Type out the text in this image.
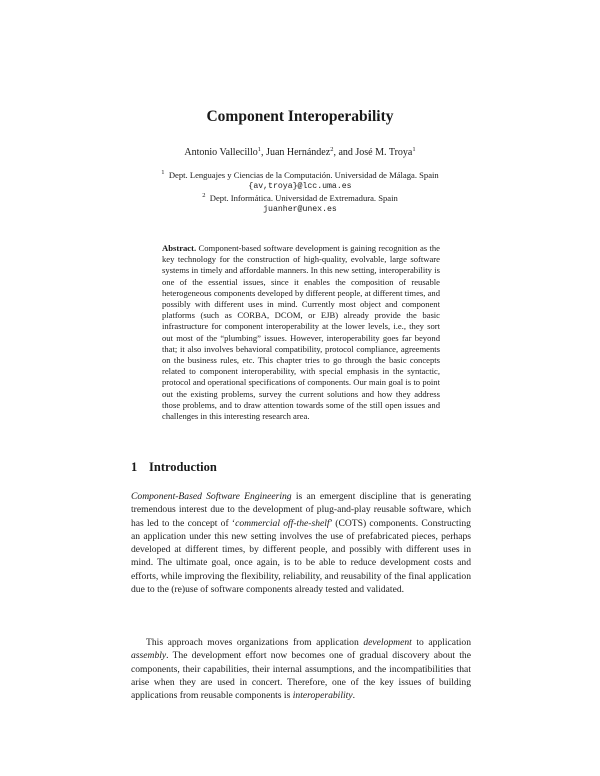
Component Interoperability
Antonio Vallecillo$^1$, Juan Hernández$^2$, and José M. Troya$^1$
$^1$ Dept. Lenguajes y Ciencias de la Computación. Universidad de Málaga. Spain
{av,troya}@lcc.uma.es
$^2$ Dept. Informática. Universidad de Extremadura. Spain
juanher@unex.es

Abstract. Component-based software development is gaining recognition as the key technology for the construction of high-quality, evolvable, large software systems in timely and affordable manners. In this new setting, interoperability is one of the essential issues, since it enables the composition of reusable heterogeneous components developed by different people, at different times, and possibly with different uses in mind. Currently most object and component platforms (such as CORBA, DCOM, or EJB) already provide the basic infrastructure for component interoperability at the lower levels, i.e., they sort out most of the “plumbing” issues. However, interoperability goes far beyond that; it also involves behavioral compatibility, protocol compliance, agreements on the business rules, etc. This chapter tries to go through the basic concepts related to component interoperability, with special emphasis in the syntactic, protocol and operational specifications of components. Our main goal is to point out the existing problems, survey the current solutions and how they address those problems, and to draw attention towards some of the still open issues and challenges in this interesting research area.

1 Introduction

Component-Based Software Engineering is an emergent discipline that is generating tremendous interest due to the development of plug-and-play reusable software, which has led to the concept of ‘commercial off-the-shelf’ (COTS) components. Constructing an application under this new setting involves the use of prefabricated pieces, perhaps developed at different times, by different people, and possibly with different uses in mind. The ultimate goal, once again, is to be able to reduce development costs and efforts, while improving the flexibility, reliability, and reusability of the final application due to the (re)use of software components already tested and validated.

This approach moves organizations from application development to application assembly. The development effort now becomes one of gradual discovery about the components, their capabilities, their internal assumptions, and the incompatibilities that arise when they are used in concert. Therefore, one of the key issues of building applications from reusable components is interoperability.
